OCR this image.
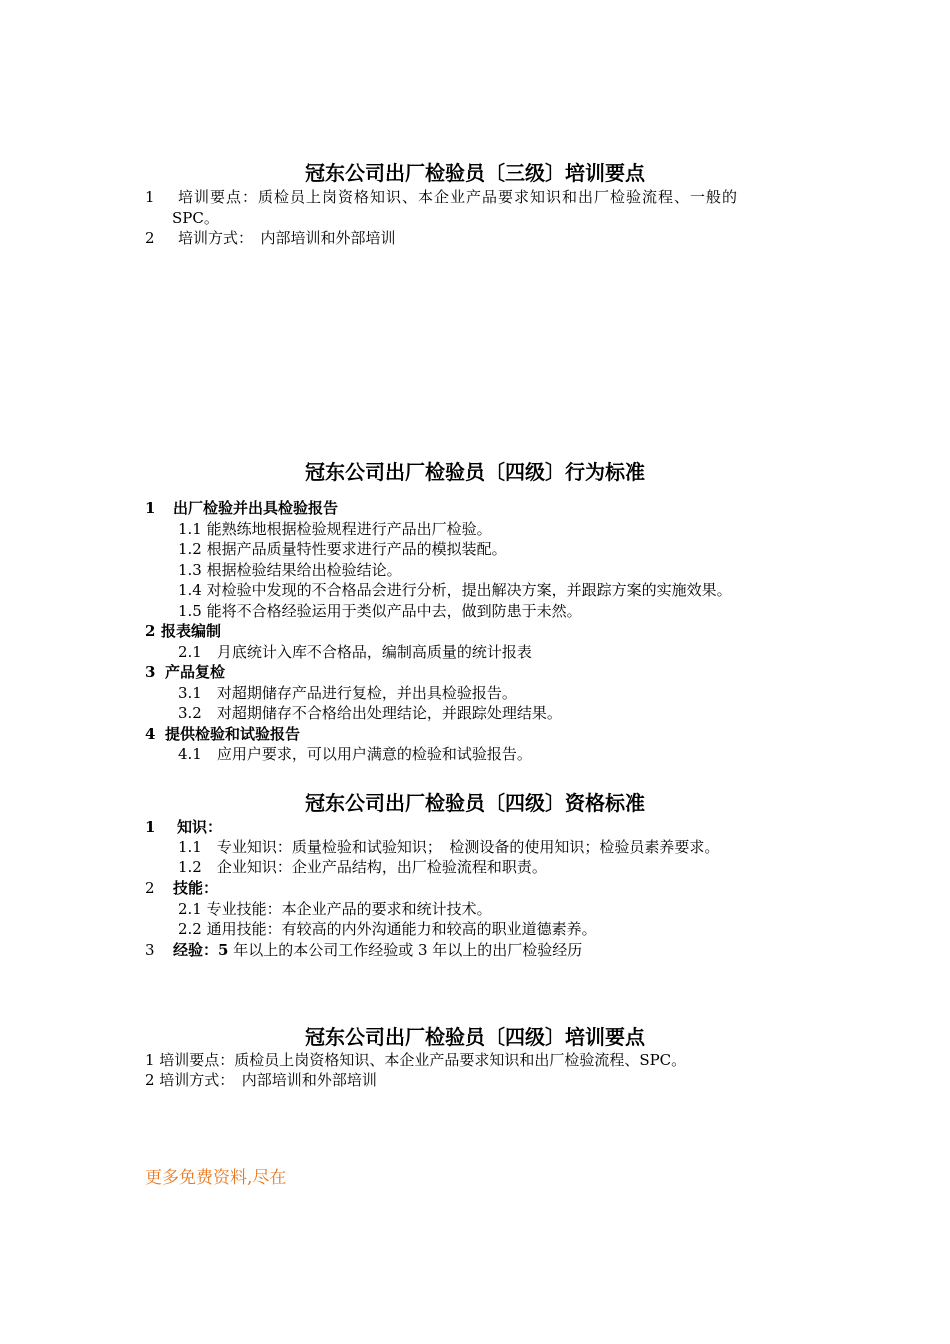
冠东公司出厂检验员〔三级〕培训要点
1 培训要点：质检员上岗资格知识、本企业产品要求知识和出厂检验流程、一般的
SPC。
2 培训方式：　内部培训和外部培训
冠东公司出厂检验员〔四级〕行为标准
1 出厂检验并出具检验报告
1.1 能熟练地根据检验规程进行产品出厂检验。
1.2 根据产品质量特性要求进行产品的模拟装配。
1.3 根据检验结果给出检验结论。
1.4 对检验中发现的不合格品会进行分析，提出解决方案，并跟踪方案的实施效果。
1.5 能将不合格经验运用于类似产品中去，做到防患于未然。
2 报表编制
2.1　月底统计入库不合格品，编制高质量的统计报表
3 产品复检
3.1　对超期储存产品进行复检，并出具检验报告。
3.2　对超期储存不合格给出处理结论，并跟踪处理结果。
4 提供检验和试验报告
4.1　应用户要求，可以用户满意的检验和试验报告。
冠东公司出厂检验员〔四级〕资格标准
1 知识：
1.1　专业知识：质量检验和试验知识；　检测设备的使用知识；检验员素养要求。
1.2　企业知识：企业产品结构，出厂检验流程和职责。
2 技能：
2.1 专业技能：本企业产品的要求和统计技术。
2.2 通用技能：有较高的内外沟通能力和较高的职业道德素养。
3 经验：5 年以上的本公司工作经验或 3 年以上的出厂检验经历
冠东公司出厂检验员〔四级〕培训要点
1 培训要点：质检员上岗资格知识、本企业产品要求知识和出厂检验流程、SPC。
2 培训方式：　内部培训和外部培训
更多免费资料,尽在
